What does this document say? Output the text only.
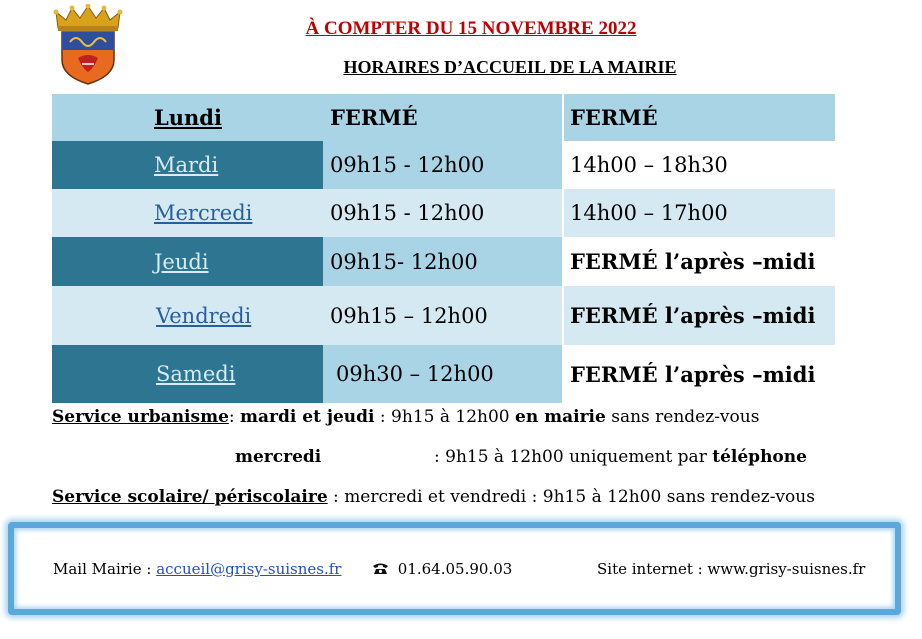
À COMPTER DU 15 NOVEMBRE 2022
HORAIRES D’ACCUEIL DE LA MAIRIE
Lundi	FERMÉ	FERMÉ
Mardi	09h15 - 12h00	14h00 – 18h30
Mercredi	09h15 - 12h00	14h00 – 17h00
Jeudi	09h15- 12h00	FERMÉ l’après –midi
Vendredi	09h15 – 12h00	FERMÉ l’après –midi
Samedi	09h30 – 12h00	FERMÉ l’après –midi
Service urbanisme: mardi et jeudi : 9h15 à 12h00 en mairie sans rendez-vous
mercredi	: 9h15 à 12h00 uniquement par téléphone
Service scolaire/ périscolaire : mercredi et vendredi : 9h15 à 12h00 sans rendez-vous
Mail Mairie : accueil@grisy-suisnes.fr	01.64.05.90.03	Site internet : www.grisy-suisnes.fr
